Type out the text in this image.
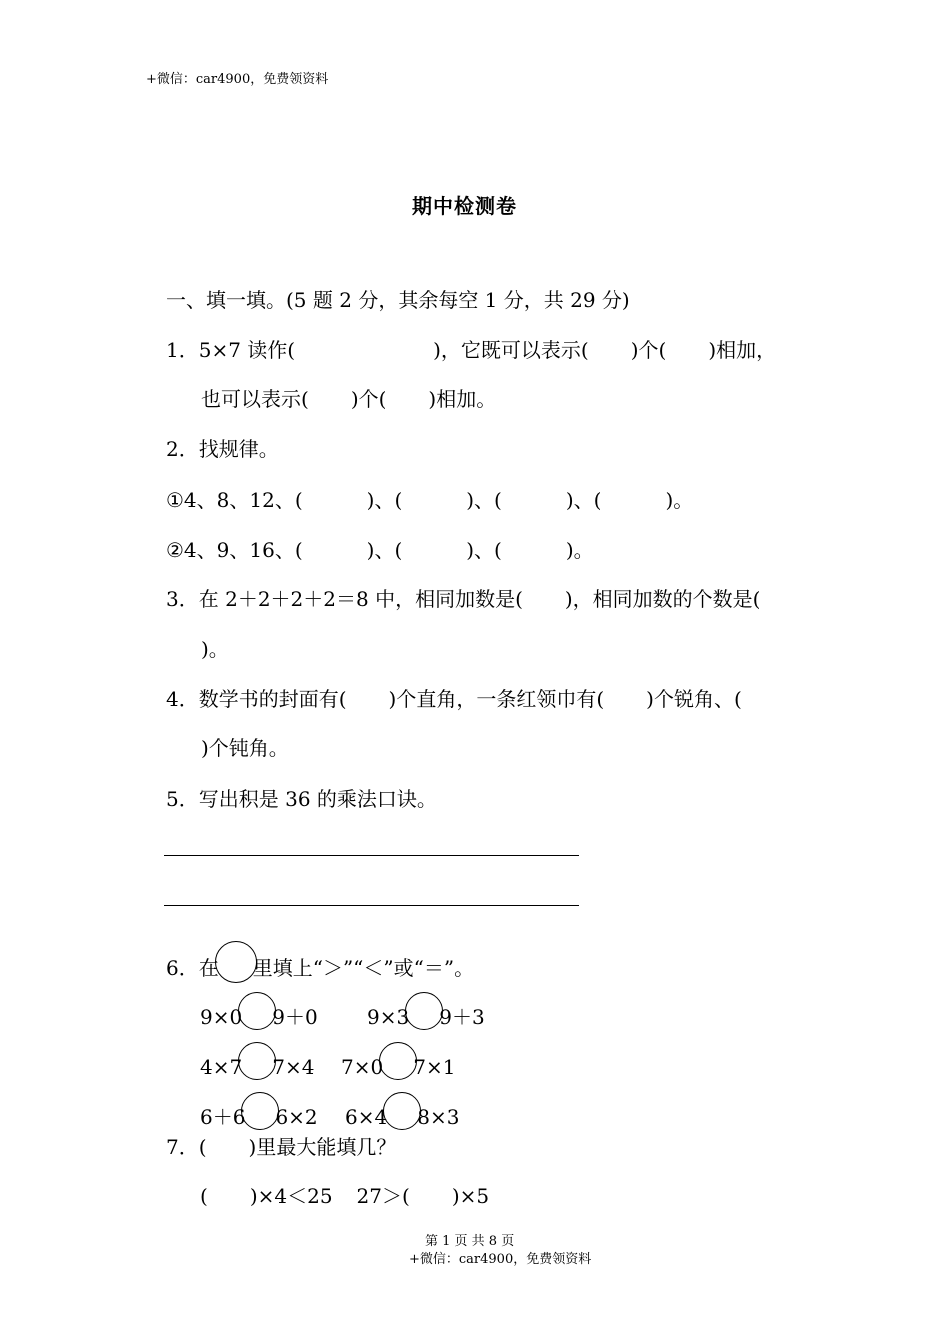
+微信：car4900，免费领资料
期中检测卷
一、填一填。(5 题 2 分，其余每空 1 分，共 29 分)
1．5×7 读作(	)，它既可以表示( )个( )相加，
也可以表示( )个( )相加。
2．找规律。
①4、8、12、(	)、(	)、(	)、(	)。
②4、9、16、(	)、(	)、(	)。
3．在 2＋2＋2＋2＝8 中，相同加数是( )，相同加数的个数是(
)。
4．数学书的封面有( )个直角，一条红领巾有( )个锐角、(
)个钝角。
5．写出积是 36 的乘法口诀。
6．在 里填上“＞”“＜”或“＝”。
9×0 9＋0 9×3 9＋3
4×7 7×4 7×0 7×1
6＋6 6×2 6×4 8×3
7．( )里最大能填几？
( )×4＜25 27＞( )×5
第 1 页 共 8 页
+微信：car4900，免费领资料
